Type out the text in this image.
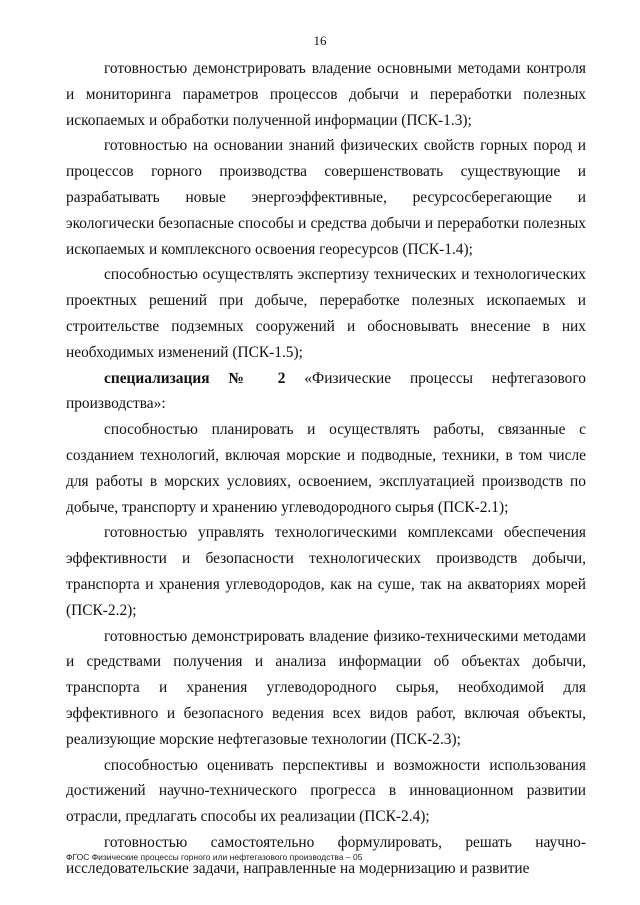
16

готовностью демонстрировать владение основными методами контроля и мониторинга параметров процессов добычи и переработки полезных ископаемых и обработки полученной информации (ПСК-1.3);

готовностью на основании знаний физических свойств горных пород и процессов горного производства совершенствовать существующие и разрабатывать новые энергоэффективные, ресурсосберегающие и экологически безопасные способы и средства добычи и переработки полезных ископаемых и комплексного освоения георесурсов (ПСК-1.4);

способностью осуществлять экспертизу технических и технологических проектных решений при добыче, переработке полезных ископаемых и строительстве подземных сооружений и обосновывать внесение в них необходимых изменений (ПСК-1.5);

специализация № 2 «Физические процессы нефтегазового производства»:

способностью планировать и осуществлять работы, связанные с созданием технологий, включая морские и подводные, техники, в том числе для работы в морских условиях, освоением, эксплуатацией производств по добыче, транспорту и хранению углеводородного сырья (ПСК-2.1);

готовностью управлять технологическими комплексами обеспечения эффективности и безопасности технологических производств добычи, транспорта и хранения углеводородов, как на суше, так на акваториях морей (ПСК-2.2);

готовностью демонстрировать владение физико-техническими методами и средствами получения и анализа информации об объектах добычи, транспорта и хранения углеводородного сырья, необходимой для эффективного и безопасного ведения всех видов работ, включая объекты, реализующие морские нефтегазовые технологии (ПСК-2.3);

способностью оценивать перспективы и возможности использования достижений научно-технического прогресса в инновационном развитии отрасли, предлагать способы их реализации (ПСК-2.4);

готовностью самостоятельно формулировать, решать научно-исследовательские задачи, направленные на модернизацию и развитие

ФГОС Физические процессы горного или нефтегазового производства – 05
